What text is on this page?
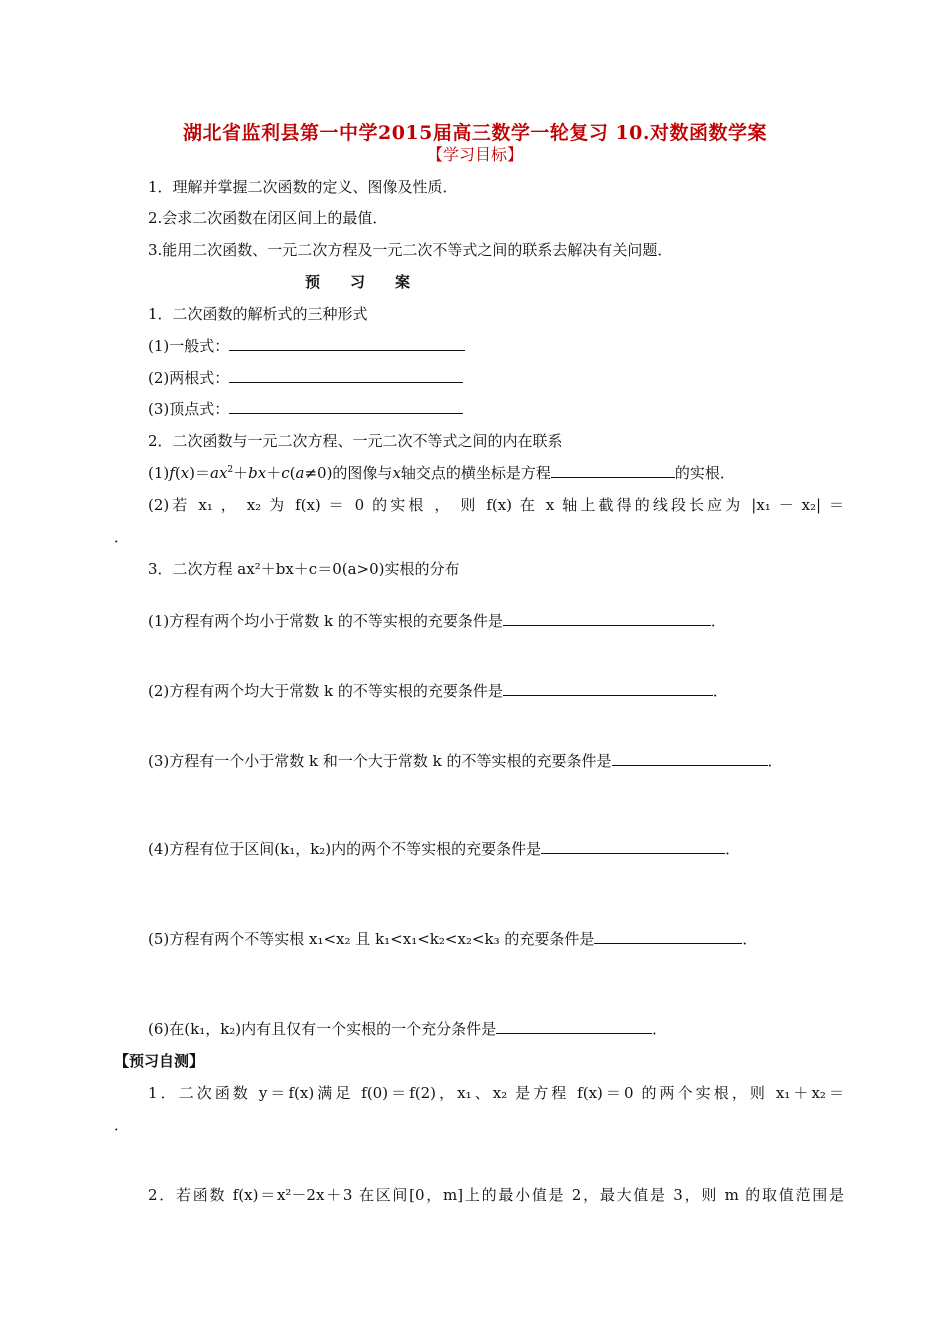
湖北省监利县第一中学2015届高三数学一轮复习 10.对数函数学案
【学习目标】
1．理解并掌握二次函数的定义、图像及性质．
2.会求二次函数在闭区间上的最值．
3.能用二次函数、一元二次方程及一元二次不等式之间的联系去解决有关问题．
预习案
1．二次函数的解析式的三种形式
(1)一般式：
(2)两根式：
(3)顶点式：
2．二次函数与一元二次方程、一元二次不等式之间的内在联系
$(1)f(x)=ax^2+bx+c(a\ne 0)$的图像与x轴交点的横坐标是方程	的实根．
(2)若 x₁ ， x₂ 为 f(x) ＝ 0 的实根 ， 则 f(x) 在 x 轴上截得的线段长应为 |x₁ － x₂| ＝
．
3．二次方程 ax²＋bx＋c＝0(a>0)实根的分布
(1)方程有两个均小于常数 k 的不等实根的充要条件是	．
(2)方程有两个均大于常数 k 的不等实根的充要条件是	．
(3)方程有一个小于常数 k 和一个大于常数 k 的不等实根的充要条件是	．
(4)方程有位于区间(k₁，k₂)内的两个不等实根的充要条件是	．
(5)方程有两个不等实根 x₁<x₂ 且 k₁<x₁<k₂<x₂<k₃ 的充要条件是	．
(6)在(k₁，k₂)内有且仅有一个实根的一个充分条件是	．
【预习自测】
1．二次函数 y＝f(x)满足 f(0)＝f(2)，x₁、x₂ 是方程 f(x)＝0 的两个实根，则 x₁＋x₂＝
．
2．若函数 f(x)＝x²－2x＋3 在区间[0，m]上的最小值是 2，最大值是 3，则 m 的取值范围是
